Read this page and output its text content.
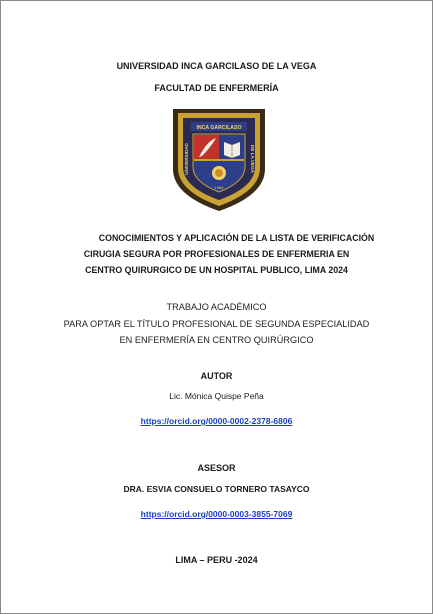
UNIVERSIDAD INCA GARCILASO DE LA VEGA
FACULTAD DE ENFERMERÍA
INCA GARCILASO
UNIVERSIDAD	DE LA VEGA
1964
CONOCIMIENTOS Y APLICACIÓN DE LA LISTA DE VERIFICACIÓN
CIRUGIA SEGURA POR PROFESIONALES DE ENFERMERIA EN
CENTRO QUIRURGICO DE UN HOSPITAL PUBLICO, LIMA 2024
TRABAJO ACADÉMICO
PARA OPTAR EL TÍTULO PROFESIONAL DE SEGUNDA ESPECIALIDAD
EN ENFERMERÍA EN CENTRO QUIRÚRGICO
AUTOR
Lic. Mónica Quispe Peña
https://orcid.org/0000-0002-2378-6806
ASESOR
DRA. ESVIA CONSUELO TORNERO TASAYCO
https://orcid.org/0000-0003-3855-7069
LIMA – PERU -2024
